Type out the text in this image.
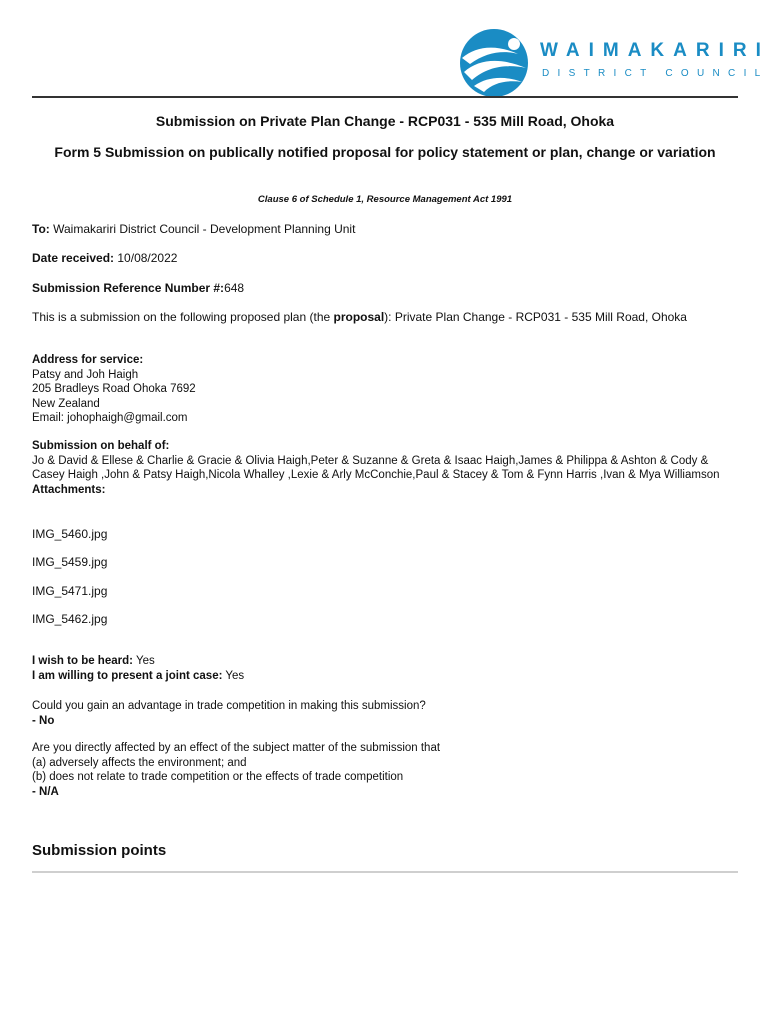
WAIMAKARIRI
DISTRICT COUNCIL
Submission on Private Plan Change - RCP031 - 535 Mill Road, Ohoka
Form 5 Submission on publically notified proposal for policy statement or plan, change or variation
Clause 6 of Schedule 1, Resource Management Act 1991
To: Waimakariri District Council - Development Planning Unit
Date received: 10/08/2022
Submission Reference Number #:648
This is a submission on the following proposed plan (the proposal): Private Plan Change - RCP031 - 535 Mill Road, Ohoka
Address for service:
Patsy and Joh Haigh
205 Bradleys Road Ohoka 7692
New Zealand
Email: johophaigh@gmail.com
Submission on behalf of:
Jo & David & Ellese & Charlie & Gracie & Olivia Haigh,Peter & Suzanne & Greta & Isaac Haigh,James & Philippa & Ashton & Cody & Casey Haigh ,John & Patsy Haigh,Nicola Whalley ,Lexie & Arly McConchie,Paul & Stacey & Tom & Fynn Harris ,Ivan & Mya Williamson
Attachments:
IMG_5460.jpg
IMG_5459.jpg
IMG_5471.jpg
IMG_5462.jpg
I wish to be heard: Yes
I am willing to present a joint case: Yes
Could you gain an advantage in trade competition in making this submission?
- No
Are you directly affected by an effect of the subject matter of the submission that
(a) adversely affects the environment; and
(b) does not relate to trade competition or the effects of trade competition
- N/A
Submission points
